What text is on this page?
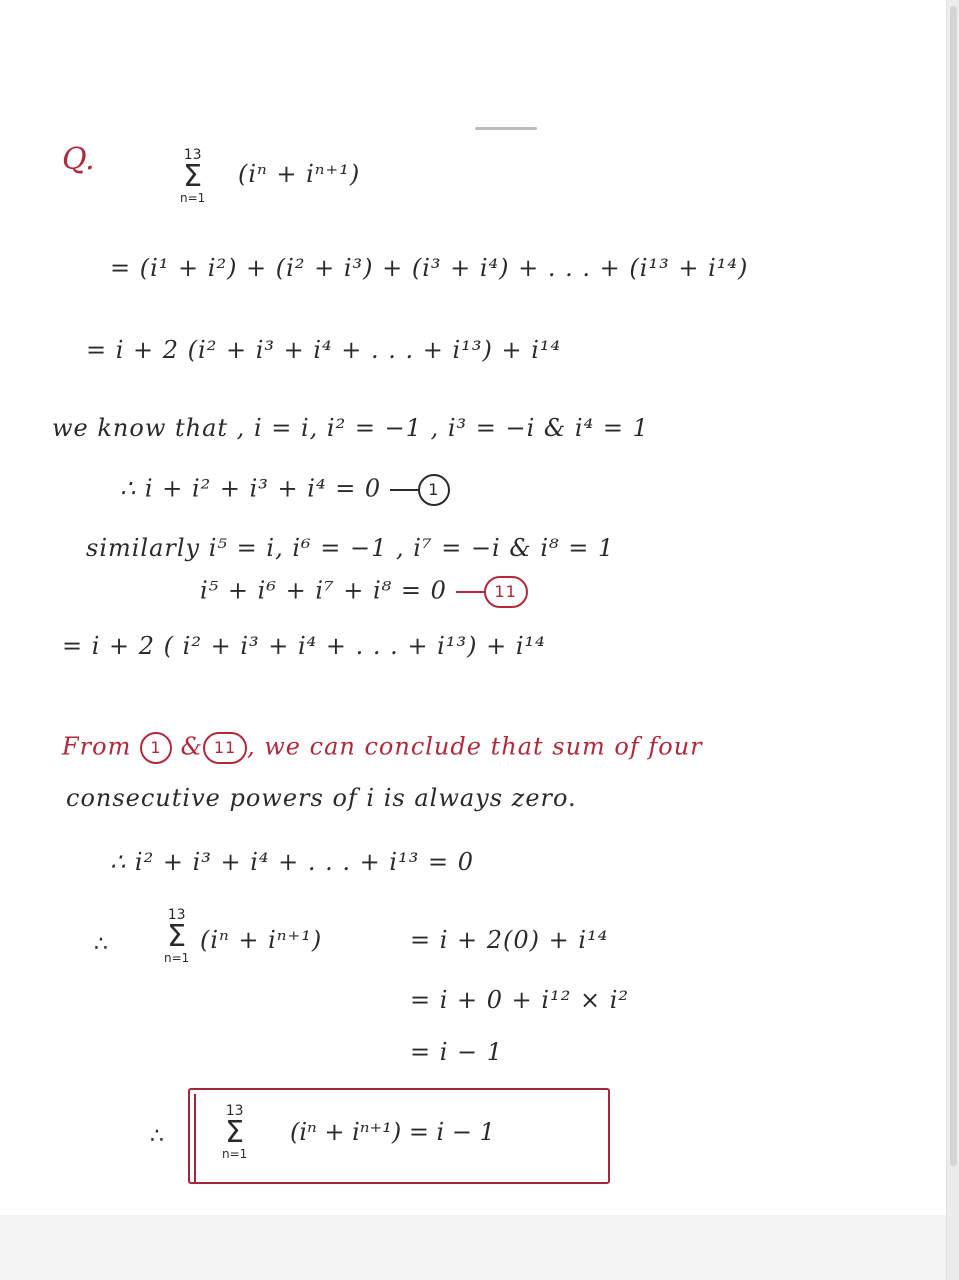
Q.	13
Σ
n=1
(iⁿ + iⁿ⁺¹)
= (i¹ + i²) + (i² + i³) + (i³ + i⁴) + . . . + (i¹³ + i¹⁴)
= i + 2 (i² + i³ + i⁴ + . . . + i¹³) + i¹⁴
we know that , i = i, i² = −1 , i³ = −i & i⁴ = 1
∴ i + i² + i³ + i⁴ = 0	1
similarly i⁵ = i, i⁶ = −1 , i⁷ = −i & i⁸ = 1
i⁵ + i⁶ + i⁷ + i⁸ = 0	11
= i + 2 ( i² + i³ + i⁴ + . . . + i¹³) + i¹⁴
From 1 & 11 , we can conclude that sum of four
consecutive powers of i is always zero.
∴ i² + i³ + i⁴ + . . . + i¹³ = 0
∴
13
Σ
n=1
(iⁿ + iⁿ⁺¹)	= i + 2(0) + i¹⁴
= i + 0 + i¹² × i²
= i − 1
∴
13
Σ
n=1
(iⁿ + iⁿ⁺¹) = i − 1
